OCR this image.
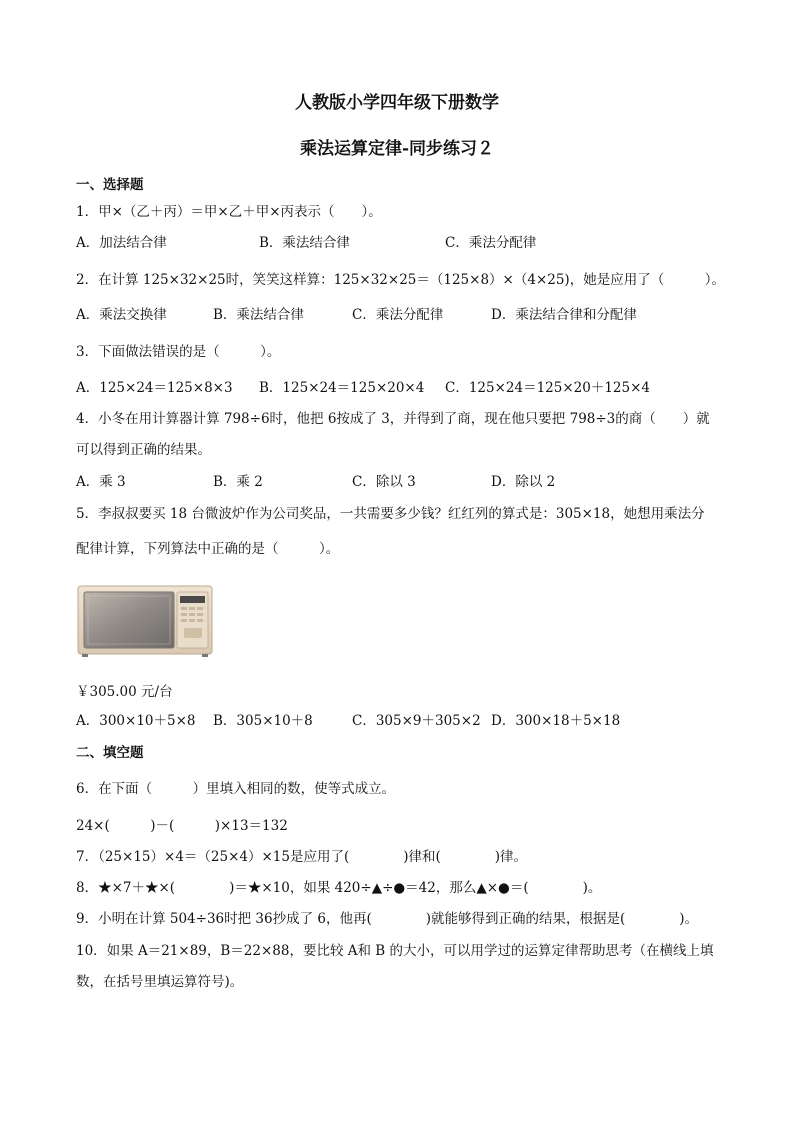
人教版小学四年级下册数学
乘法运算定律-同步练习２
一、选择题
1．甲×（乙＋丙）＝甲×乙＋甲×丙表示（　　）。
A．加法结合律	B．乘法结合律	C．乘法分配律
2．在计算 125×32×25时，笑笑这样算：125×32×25＝（125×8）×（4×25)，她是应用了（　　　）。
A．乘法交换律	B．乘法结合律	C．乘法分配律	D．乘法结合律和分配律
3．下面做法错误的是（　　　）。
A．125×24＝125×8×3 B．125×24＝125×20×4 C．125×24＝125×20＋125×4
4．小冬在用计算器计算 798÷6时，他把 6按成了 3，并得到了商，现在他只要把 798÷3的商（　　）就
可以得到正确的结果。
A．乘 3	B．乘 2	C．除以 3	D．除以 2
5．李叔叔要买 18 台微波炉作为公司奖品，一共需要多少钱？红红列的算式是：305×18，她想用乘法分
配律计算，下列算法中正确的是（　　　）。
￥305.00 元/台
A．300×10＋5×8 B．305×10＋8	C．305×9＋305×2 D．300×18＋5×18
二、填空题
6．在下面（　　　）里填入相同的数，使等式成立。
24×(　　　)－(　　　)×13＝132
7．（25×15）×4＝（25×4）×15是应用了(　　　　)律和(　　　　)律。
8．★×7＋★×(　　　　)＝★×10，如果 420÷▲÷●＝42，那么▲×●＝(　　　　)。
9．小明在计算 504÷36时把 36抄成了 6，他再(　　　　)就能够得到正确的结果，根据是(　　　　)。
10．如果 A＝21×89，B＝22×88，要比较 A和 B 的大小，可以用学过的运算定律帮助思考（在横线上填
数，在括号里填运算符号)。
